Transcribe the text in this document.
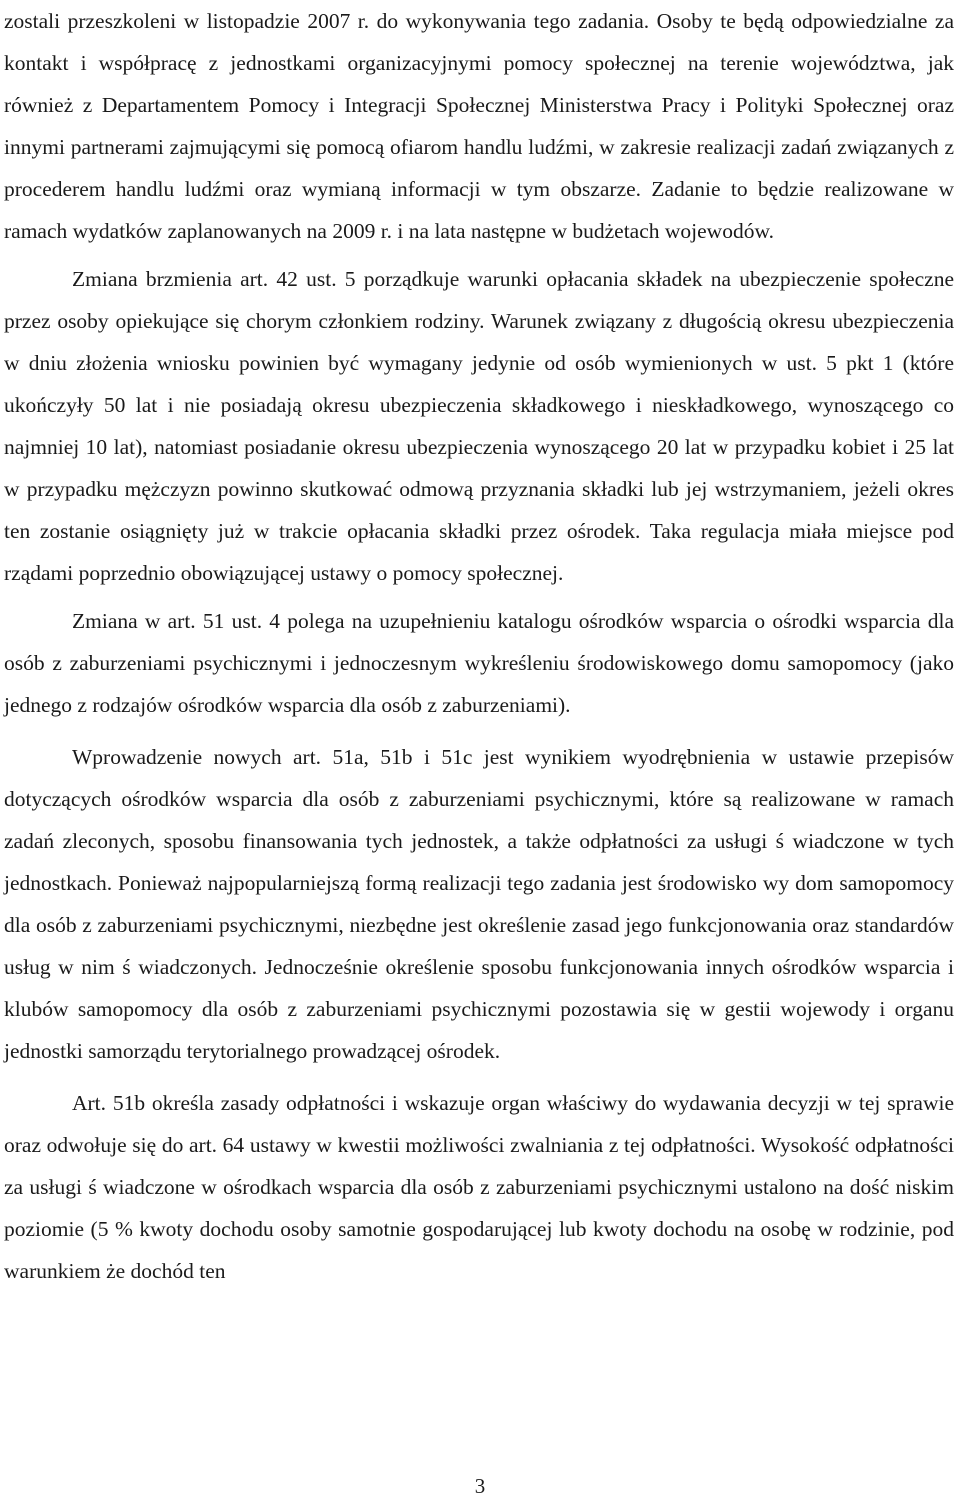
zostali przeszkoleni w listopadzie 2007 r. do wykonywania tego zadania. Osoby te będą odpowiedzialne za kontakt i współpracę z jednostkami organizacyjnymi pomocy społecznej na terenie województwa, jak również z Departamentem Pomocy i Integracji Społecznej Ministerstwa Pracy i Polityki Społecznej oraz innymi partnerami zajmującymi się pomocą ofiarom handlu ludźmi, w zakresie realizacji zadań związanych z procederem handlu ludźmi oraz wymianą informacji w tym obszarze. Zadanie to będzie realizowane w ramach wydatków zaplanowanych na 2009 r. i na lata następne w budżetach wojewodów.

Zmiana brzmienia art. 42 ust. 5 porządkuje warunki opłacania składek na ubezpieczenie społeczne przez osoby opiekujące się chorym członkiem rodziny. Warunek związany z długością okresu ubezpieczenia w dniu złożenia wniosku powinien być wymagany jedynie od osób wymienionych w ust. 5 pkt 1 (które ukończyły 50 lat i nie posiadają okresu ubezpieczenia składkowego i nieskładkowego, wynoszącego co najmniej 10 lat), natomiast posiadanie okresu ubezpieczenia wynoszącego 20 lat w przypadku kobiet i 25 lat w przypadku mężczyzn powinno skutkować odmową przyznania składki lub jej wstrzymaniem, jeżeli okres ten zostanie osiągnięty już w trakcie opłacania składki przez ośrodek. Taka regulacja miała miejsce pod rządami poprzednio obowiązującej ustawy o pomocy społecznej.

Zmiana w art. 51 ust. 4 polega na uzupełnieniu katalogu ośrodków wsparcia o ośrodki wsparcia dla osób z zaburzeniami psychicznymi i jednoczesnym wykreśleniu środowiskowego domu samopomocy (jako jednego z rodzajów ośrodków wsparcia dla osób z zaburzeniami).

Wprowadzenie nowych art. 51a, 51b i 51c jest wynikiem wyodrębnienia w ustawie przepisów dotyczących ośrodków wsparcia dla osób z zaburzeniami psychicznymi, które są realizowane w ramach zadań zleconych, sposobu finansowania tych jednostek, a także odpłatności za usługi ś wiadczone w tych jednostkach. Ponieważ najpopularniejszą formą realizacji tego zadania jest środowisko wy dom samopomocy dla osób z zaburzeniami psychicznymi, niezbędne jest określenie zasad jego funkcjonowania oraz standardów usług w nim ś wiadczonych. Jednocześnie określenie sposobu funkcjonowania innych ośrodków wsparcia i klubów samopomocy dla osób z zaburzeniami psychicznymi pozostawia się w gestii wojewody i organu jednostki samorządu terytorialnego prowadzącej ośrodek.

Art. 51b określa zasady odpłatności i wskazuje organ właściwy do wydawania decyzji w tej sprawie oraz odwołuje się do art. 64 ustawy w kwestii możliwości zwalniania z tej odpłatności. Wysokość odpłatności za usługi ś wiadczone w ośrodkach wsparcia dla osób z zaburzeniami psychicznymi ustalono na dość niskim poziomie (5 % kwoty dochodu osoby samotnie gospodarującej lub kwoty dochodu na osobę w rodzinie, pod warunkiem że dochód ten

3
